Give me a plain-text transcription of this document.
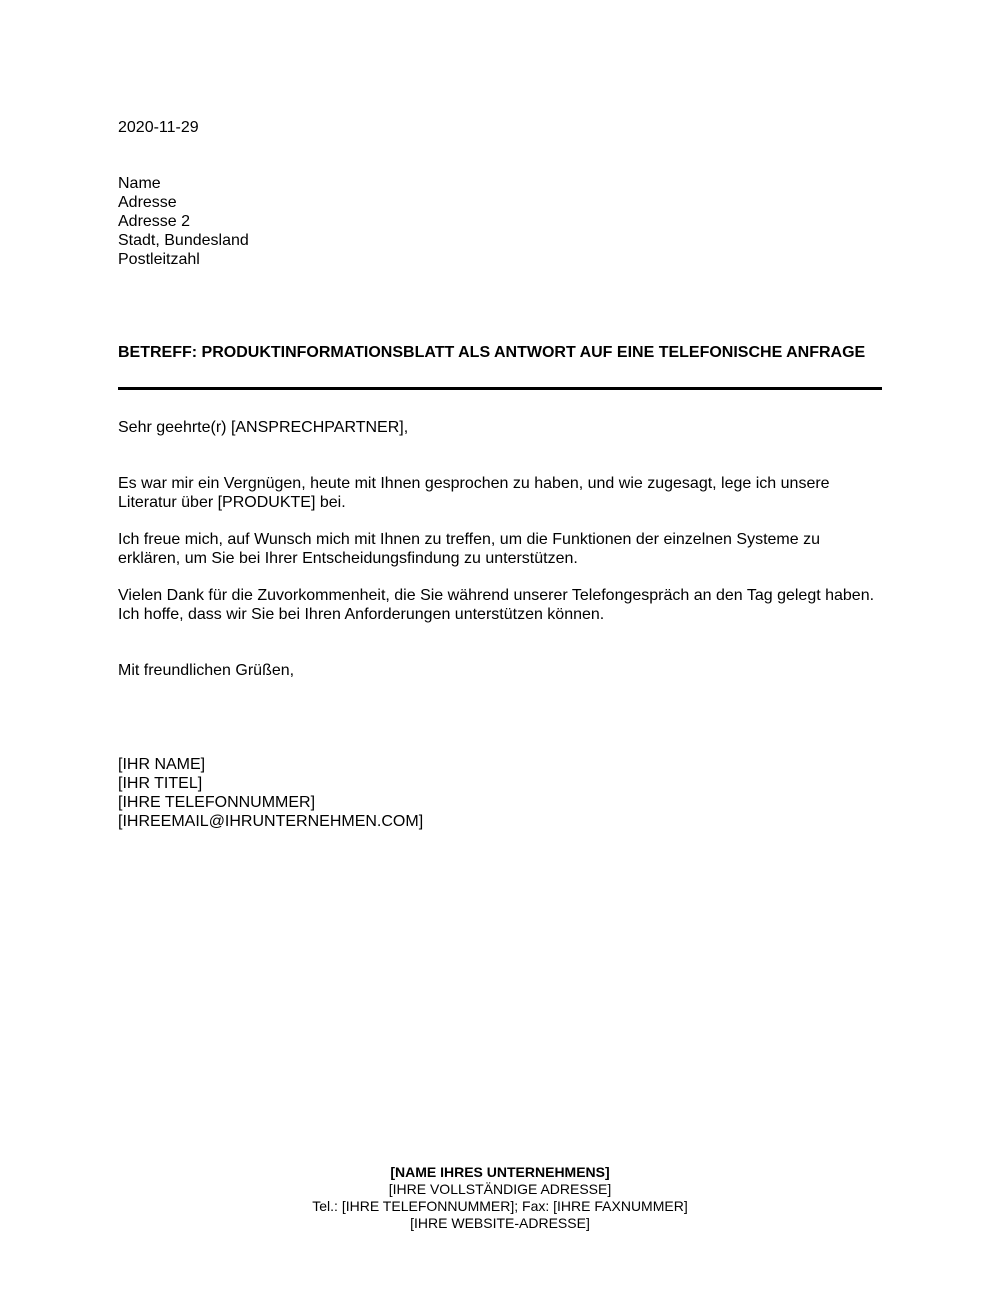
2020-11-29
Name
Adresse
Adresse 2
Stadt, Bundesland
Postleitzahl
BETREFF: PRODUKTINFORMATIONSBLATT ALS ANTWORT AUF EINE TELEFONISCHE ANFRAGE
Sehr geehrte(r) [ANSPRECHPARTNER],
Es war mir ein Vergnügen, heute mit Ihnen gesprochen zu haben, und wie zugesagt, lege ich unsere Literatur über [PRODUKTE] bei.
Ich freue mich, auf Wunsch mich mit Ihnen zu treffen, um die Funktionen der einzelnen Systeme zu erklären, um Sie bei Ihrer Entscheidungsfindung zu unterstützen.
Vielen Dank für die Zuvorkommenheit, die Sie während unserer Telefongespräch an den Tag gelegt haben. Ich hoffe, dass wir Sie bei Ihren Anforderungen unterstützen können.
Mit freundlichen Grüßen,
[IHR NAME]
[IHR TITEL]
[IHRE TELEFONNUMMER]
[IHREEMAIL@IHRUNTERNEHMEN.COM]
[NAME IHRES UNTERNEHMENS]
[IHRE VOLLSTÄNDIGE ADRESSE]
Tel.: [IHRE TELEFONNUMMER]; Fax: [IHRE FAXNUMMER]
[IHRE WEBSITE-ADRESSE]
